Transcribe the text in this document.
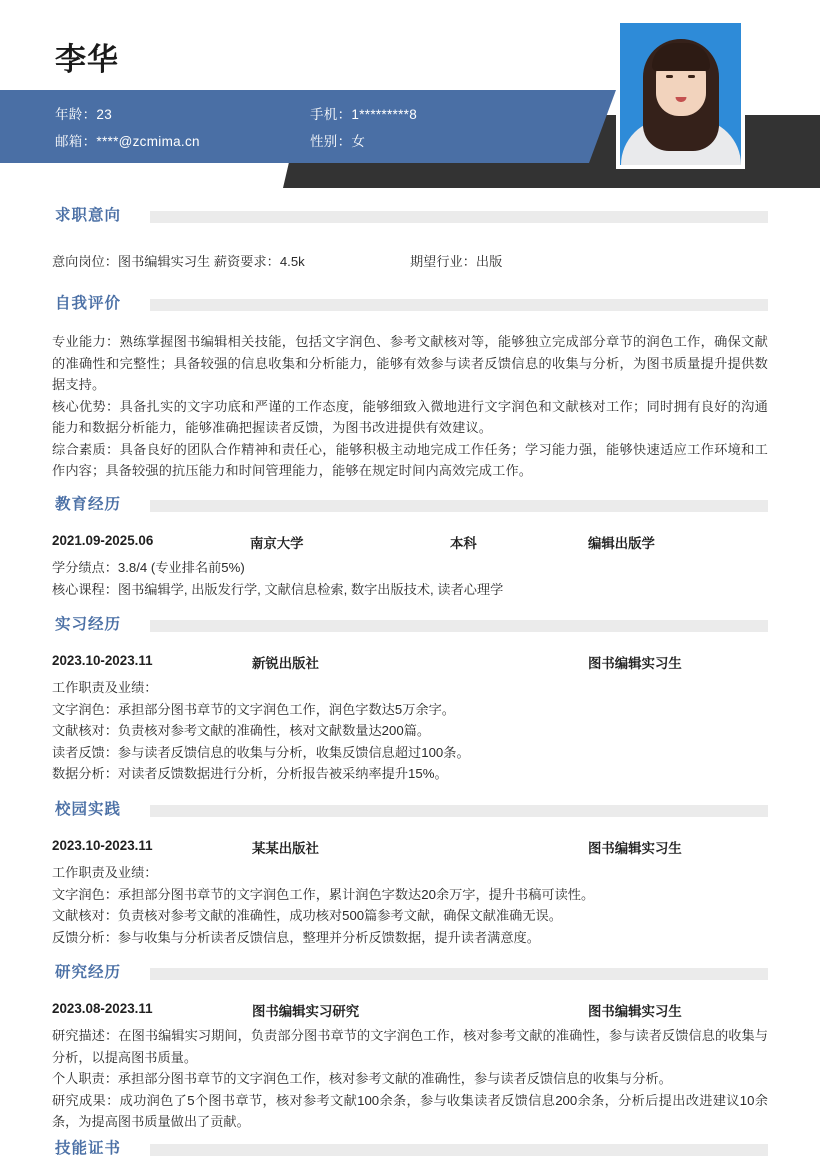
李华
年龄：23
邮箱：****@zcmima.cn
手机：1*********8
性别：女
求职意向
意向岗位：图书编辑实习生 薪资要求：4.5k	期望行业：出版
自我评价

专业能力：熟练掌握图书编辑相关技能，包括文字润色、参考文献核对等，能够独立完成部分章节的润色工作，确保文献的准确性和完整性；具备较强的信息收集和分析能力，能够有效参与读者反馈信息的收集与分析，为图书质量提升提供数据支持。

核心优势：具备扎实的文字功底和严谨的工作态度，能够细致入微地进行文字润色和文献核对工作；同时拥有良好的沟通能力和数据分析能力，能够准确把握读者反馈，为图书改进提供有效建议。

综合素质：具备良好的团队合作精神和责任心，能够积极主动地完成工作任务；学习能力强，能够快速适应工作环境和工作内容；具备较强的抗压能力和时间管理能力，能够在规定时间内高效完成工作。

教育经历
2021.09-2025.06	南京大学	本科	编辑出版学
学分绩点：3.8/4 (专业排名前5%)
核心课程：图书编辑学, 出版发行学, 文献信息检索, 数字出版技术, 读者心理学
实习经历
2023.10-2023.11	新锐出版社	图书编辑实习生
工作职责及业绩：
文字润色：承担部分图书章节的文字润色工作，润色字数达5万余字。
文献核对：负责核对参考文献的准确性，核对文献数量达200篇。
读者反馈：参与读者反馈信息的收集与分析，收集反馈信息超过100条。
数据分析：对读者反馈数据进行分析，分析报告被采纳率提升15%。
校园实践
2023.10-2023.11	某某出版社	图书编辑实习生
工作职责及业绩：
文字润色：承担部分图书章节的文字润色工作，累计润色字数达20余万字，提升书稿可读性。
文献核对：负责核对参考文献的准确性，成功核对500篇参考文献，确保文献准确无误。
反馈分析：参与收集与分析读者反馈信息，整理并分析反馈数据，提升读者满意度。
研究经历
2023.08-2023.11	图书编辑实习研究	图书编辑实习生
研究描述：在图书编辑实习期间，负责部分图书章节的文字润色工作，核对参考文献的准确性，参与读者反馈信息的收集与分析，以提高图书质量。
个人职责：承担部分图书章节的文字润色工作，核对参考文献的准确性，参与读者反馈信息的收集与分析。
研究成果：成功润色了5个图书章节，核对参考文献100余条，参与收集读者反馈信息200余条，分析后提出改进建议10余条，为提高图书质量做出了贡献。
技能证书
